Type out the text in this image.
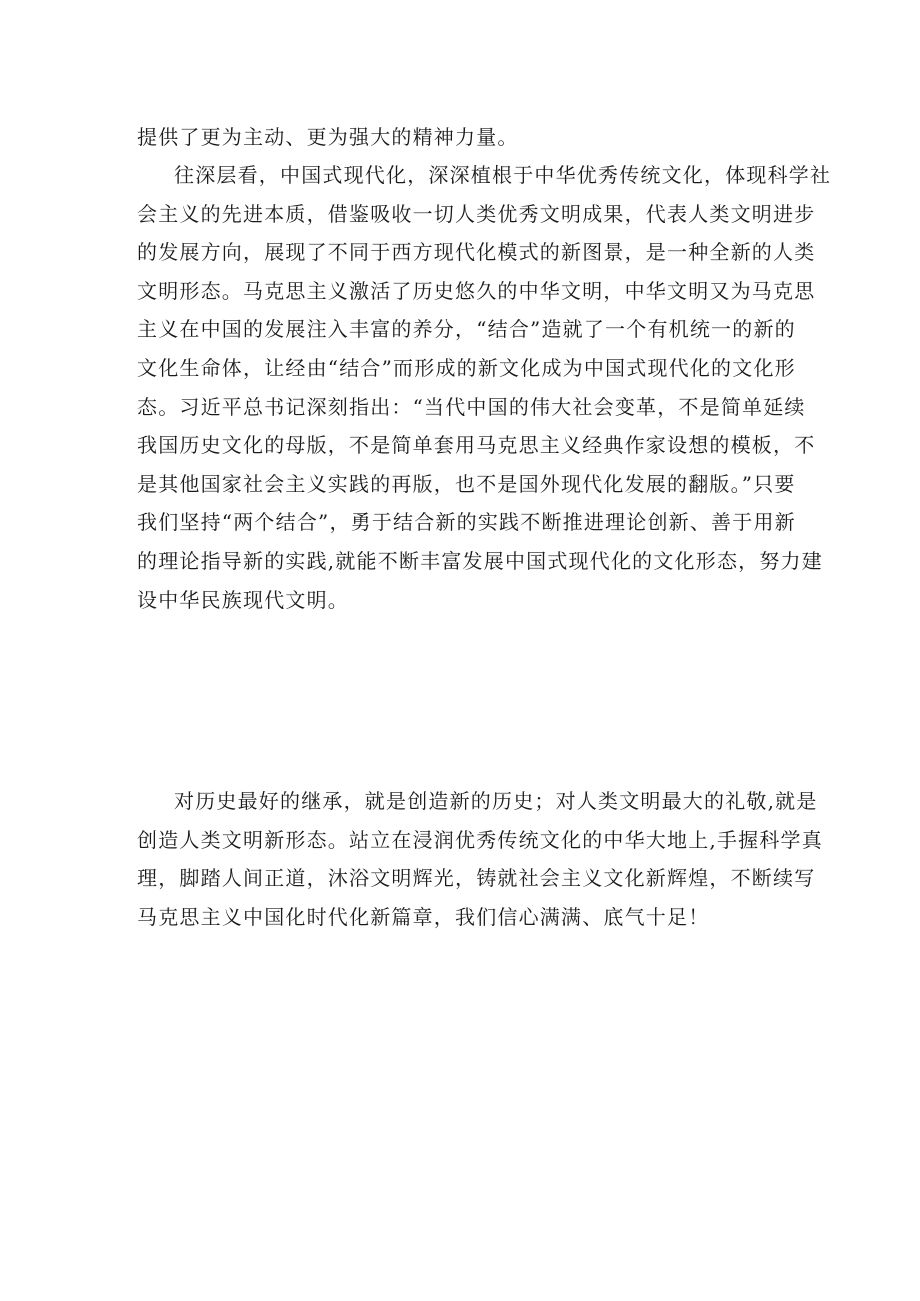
提供了更为主动、更为强大的精神力量。
往深层看，中国式现代化，深深植根于中华优秀传统文化，体现科学社
会主义的先进本质，借鉴吸收一切人类优秀文明成果，代表人类文明进步
的发展方向，展现了不同于西方现代化模式的新图景，是一种全新的人类
文明形态。马克思主义激活了历史悠久的中华文明，中华文明又为马克思
主义在中国的发展注入丰富的养分，“结合”造就了一个有机统一的新的
文化生命体，让经由“结合”而形成的新文化成为中国式现代化的文化形
态。习近平总书记深刻指出：“当代中国的伟大社会变革，不是简单延续
我国历史文化的母版，不是简单套用马克思主义经典作家设想的模板，不
是其他国家社会主义实践的再版，也不是国外现代化发展的翻版。”只要
我们坚持“两个结合”，勇于结合新的实践不断推进理论创新、善于用新
的理论指导新的实践,就能不断丰富发展中国式现代化的文化形态，努力建
设中华民族现代文明。
对历史最好的继承，就是创造新的历史；对人类文明最大的礼敬,就是
创造人类文明新形态。站立在浸润优秀传统文化的中华大地上,手握科学真
理，脚踏人间正道，沐浴文明辉光，铸就社会主义文化新辉煌，不断续写
马克思主义中国化时代化新篇章，我们信心满满、底气十足！
